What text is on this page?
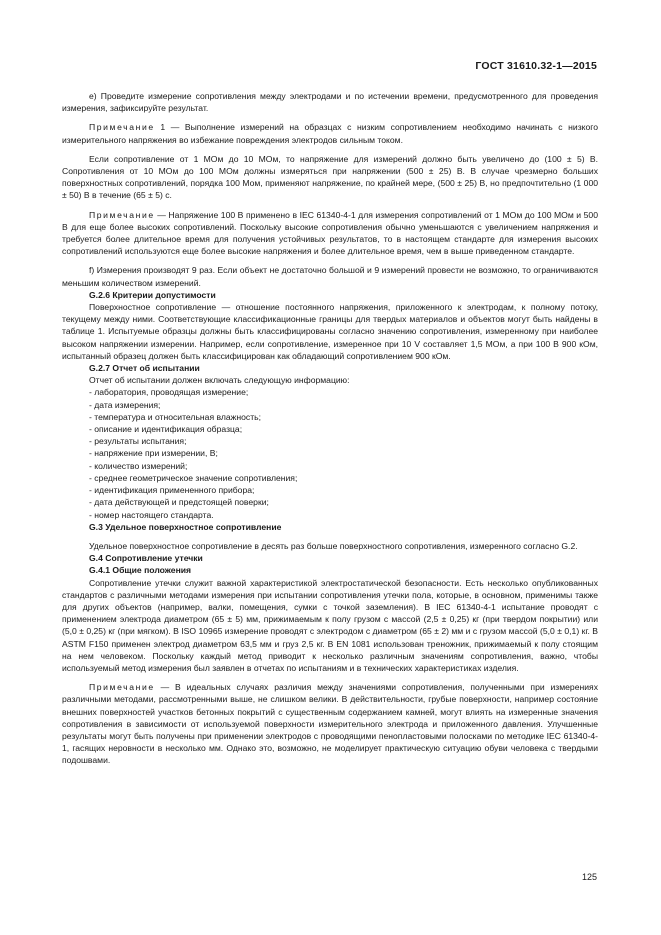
ГОСТ 31610.32-1—2015

e) Проведите измерение сопротивления между электродами и по истечении времени, предусмотренного для проведения измерения, зафиксируйте результат.

Примечание 1 — Выполнение измерений на образцах с низким сопротивлением необходимо начинать с низкого измерительного напряжения во избежание повреждения электродов сильным током.

Если сопротивление от 1 МОм до 10 МОм, то напряжение для измерений должно быть увеличено до (100 ± 5) В. Сопротивления от 10 МОм до 100 МОм должны измеряться при напряжении (500 ± 25) В. В случае чрезмерно больших поверхностных сопротивлений, порядка 100 Мом, применяют напряжение, по крайней мере, (500 ± 25) В, но предпочтительно (1 000 ± 50) В в течение (65 ± 5) с.

Примечание — Напряжение 100 В применено в IEC 61340-4-1 для измерения сопротивлений от 1 МОм до 100 МОм и 500 В для еще более высоких сопротивлений. Поскольку высокие сопротивления обычно уменьшаются с увеличением напряжения и требуется более длительное время для получения устойчивых результатов, то в настоящем стандарте для измерения высоких сопротивлений используются еще более высокие напряжения и более длительное время, чем в выше приведенном стандарте.

f) Измерения производят 9 раз. Если объект не достаточно большой и 9 измерений провести не возможно, то ограничиваются меньшим количеством измерений.

G.2.6 Критерии допустимости

Поверхностное сопротивление — отношение постоянного напряжения, приложенного к электродам, к полному потоку, текущему между ними. Соответствующие классификационные границы для твердых материалов и объектов могут быть найдены в таблице 1. Испытуемые образцы должны быть классифицированы согласно значению сопротивления, измеренному при наиболее высоком напряжении измерении. Например, если сопротивление, измеренное при 10 V составляет 1,5 МОм, а при 100 В 900 кОм, испытанный образец должен быть классифицирован как обладающий сопротивлением 900 кОм.

G.2.7 Отчет об испытании

Отчет об испытании должен включать следующую информацию:

- лаборатория, проводящая измерение;
- дата измерения;
- температура и относительная влажность;
- описание и идентификация образца;
- результаты испытания;
- напряжение при измерении, В;
- количество измерений;
- среднее геометрическое значение сопротивления;
- идентификация примененного прибора;
- дата действующей и предстоящей поверки;
- номер настоящего стандарта.
G.3 Удельное поверхностное сопротивление

Удельное поверхностное сопротивление в десять раз больше поверхностного сопротивления, измеренного согласно G.2.

G.4 Сопротивление утечки
G.4.1 Общие положения

Сопротивление утечки служит важной характеристикой электростатической безопасности. Есть несколько опубликованных стандартов с различными методами измерения при испытании сопротивления утечки пола, которые, в основном, применимы также для других объектов (например, валки, помещения, сумки с точкой заземления). В IEC 61340-4-1 испытание проводят с применением электрода диаметром (65 ± 5) мм, прижимаемым к полу грузом с массой (2,5 ± 0,25) кг (при твердом покрытии) или (5,0 ± 0,25) кг (при мягком). В ISO 10965 измерение проводят с электродом с диаметром (65 ± 2) мм и с грузом массой (5,0 ± 0,1) кг. В ASTM F150 применен электрод диаметром 63,5 мм и груз 2,5 кг. В EN 1081 использован треножник, прижимаемый к полу стоящим на нем человеком. Поскольку каждый метод приводит к несколько различным значениям сопротивления, важно, чтобы используемый метод измерения был заявлен в отчетах по испытаниям и в технических характеристиках изделия.

Примечание — В идеальных случаях различия между значениями сопротивления, полученными при измерениях различными методами, рассмотренными выше, не слишком велики. В действительности, грубые поверхности, например состояние внешних поверхностей участков бетонных покрытий с существенным содержанием камней, могут влиять на измеренные значения сопротивления в зависимости от используемой поверхности измерительного электрода и приложенного давления. Улучшенные результаты могут быть получены при применении электродов с проводящими пенопластовыми полосками по методике IEC 61340-4-1, гасящих неровности в несколько мм. Однако это, возможно, не моделирует практическую ситуацию обуви человека с твердыми подошвами.

125
